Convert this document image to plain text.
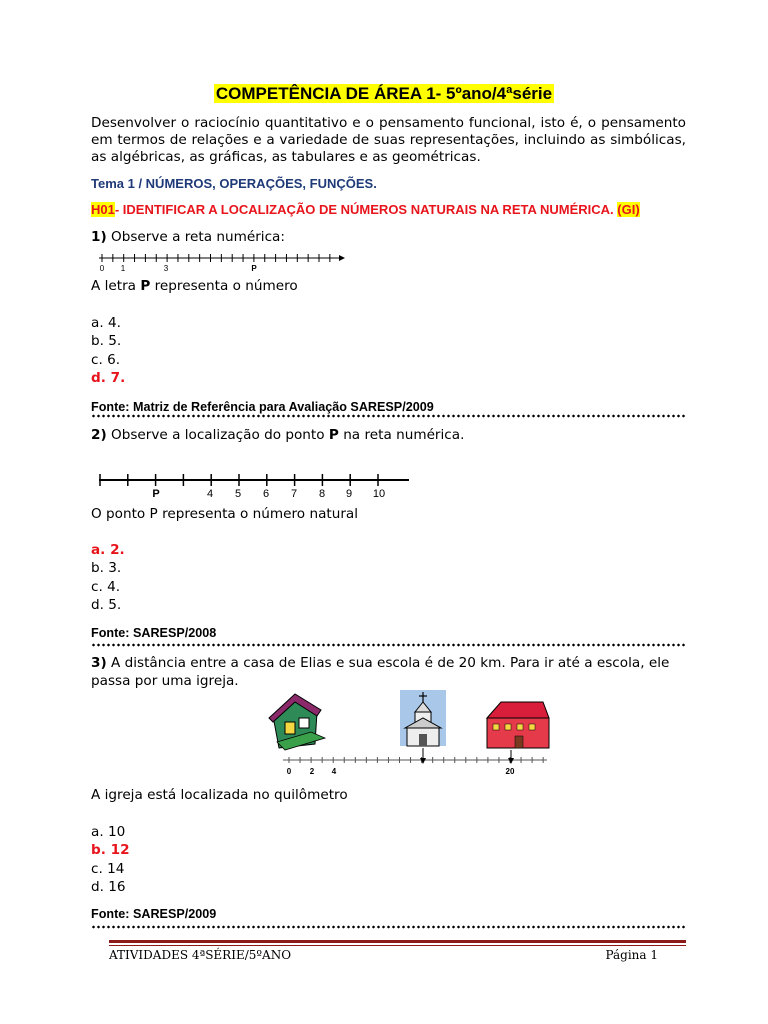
COMPETÊNCIA DE ÁREA 1- 5ºano/4ªsérie
Desenvolver o raciocínio quantitativo e o pensamento funcional, isto é, o pensamento em termos de relações e a variedade de suas representações, incluindo as simbólicas, as algébricas, as gráficas, as tabulares e as geométricas.
Tema 1 / NÚMEROS, OPERAÇÕES, FUNÇÕES.
H01- IDENTIFICAR A LOCALIZAÇÃO DE NÚMEROS NATURAIS NA RETA NUMÉRICA. (GI)
1) Observe a reta numérica:
0 1	3	P
A letra P representa o número
a. 4.
b. 5.
c. 6.
d. 7.
Fonte: Matriz de Referência para Avaliação SARESP/2009
2) Observe a localização do ponto P na reta numérica.
P	4 5 6 7 8 9 10
O ponto P representa o número natural
a. 2.
b. 3.
c. 4.
d. 5.
Fonte: SARESP/2008
3) A distância entre a casa de Elias e sua escola é de 20 km. Para ir até a escola, ele passa por uma igreja.
0 2 4	20
A igreja está localizada no quilômetro
a. 10
b. 12
c. 14
d. 16
Fonte: SARESP/2009
ATIVIDADES 4ªSÉRIE/5ºANO	Página 1
